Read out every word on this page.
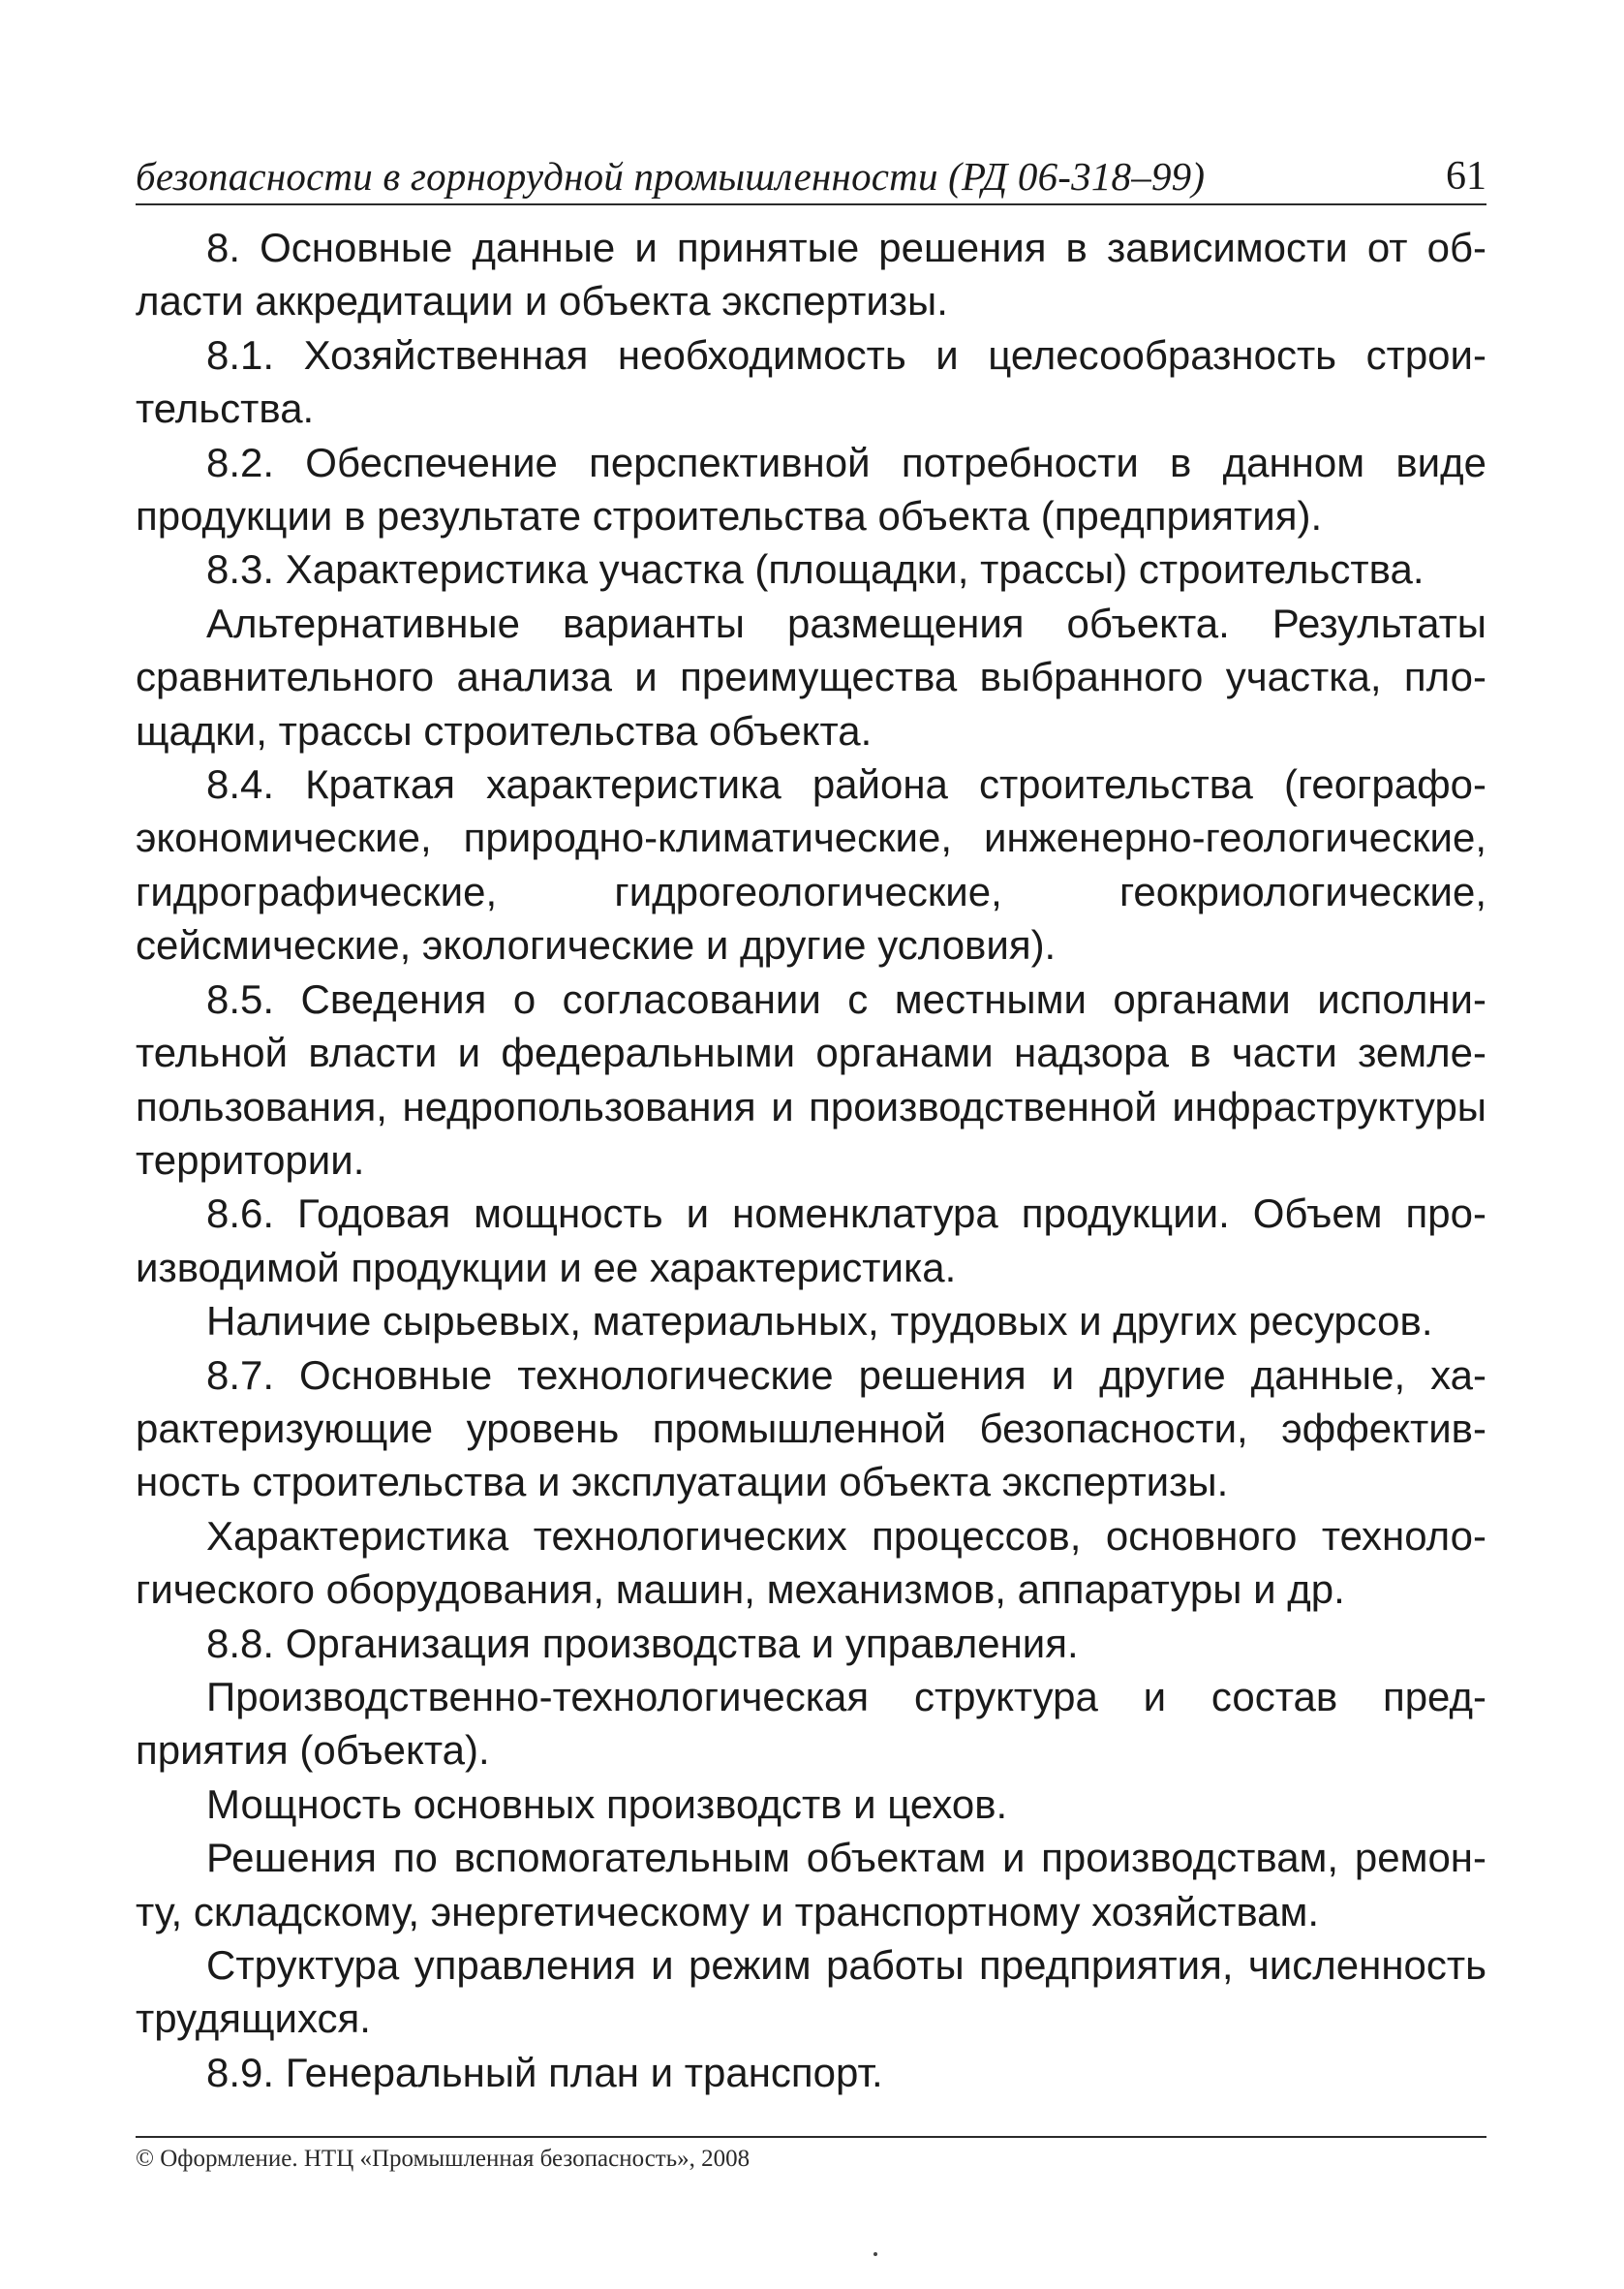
безопасности в горнорудной промышленности (РД 06-318–99)	61

8. Основные данные и принятые решения в зависимости от области аккредитации и объекта экспертизы.

8.1. Хозяйственная необходимость и целесообразность строительства.

8.2. Обеспечение перспективной потребности в данном виде продукции в результате строительства объекта (предприятия).

8.3. Характеристика участка (площадки, трассы) строительства.

Альтернативные варианты размещения объекта. Результаты сравнительного анализа и преимущества выбранного участка, площадки, трассы строительства объекта.

8.4. Краткая характеристика района строительства (географо-экономические, природно-климатические, инженерно-геологические, гидрографические, гидрогеологические, геокриологические, сейсмические, экологические и другие условия).

8.5. Сведения о согласовании с местными органами исполнительной власти и федеральными органами надзора в части землепользования, недропользования и производственной инфраструктуры территории.

8.6. Годовая мощность и номенклатура продукции. Объем производимой продукции и ее характеристика.

Наличие сырьевых, материальных, трудовых и других ресурсов.

8.7. Основные технологические решения и другие данные, характеризующие уровень промышленной безопасности, эффективность строительства и эксплуатации объекта экспертизы.

Характеристика технологических процессов, основного технологического оборудования, машин, механизмов, аппаратуры и др.

8.8. Организация производства и управления.

Производственно-технологическая структура и состав предприятия (объекта).

Мощность основных производств и цехов.

Решения по вспомогательным объектам и производствам, ремонту, складскому, энергетическому и транспортному хозяйствам.

Структура управления и режим работы предприятия, численность трудящихся.

8.9. Генеральный план и транспорт.

© Оформление. НТЦ «Промышленная безопасность», 2008
